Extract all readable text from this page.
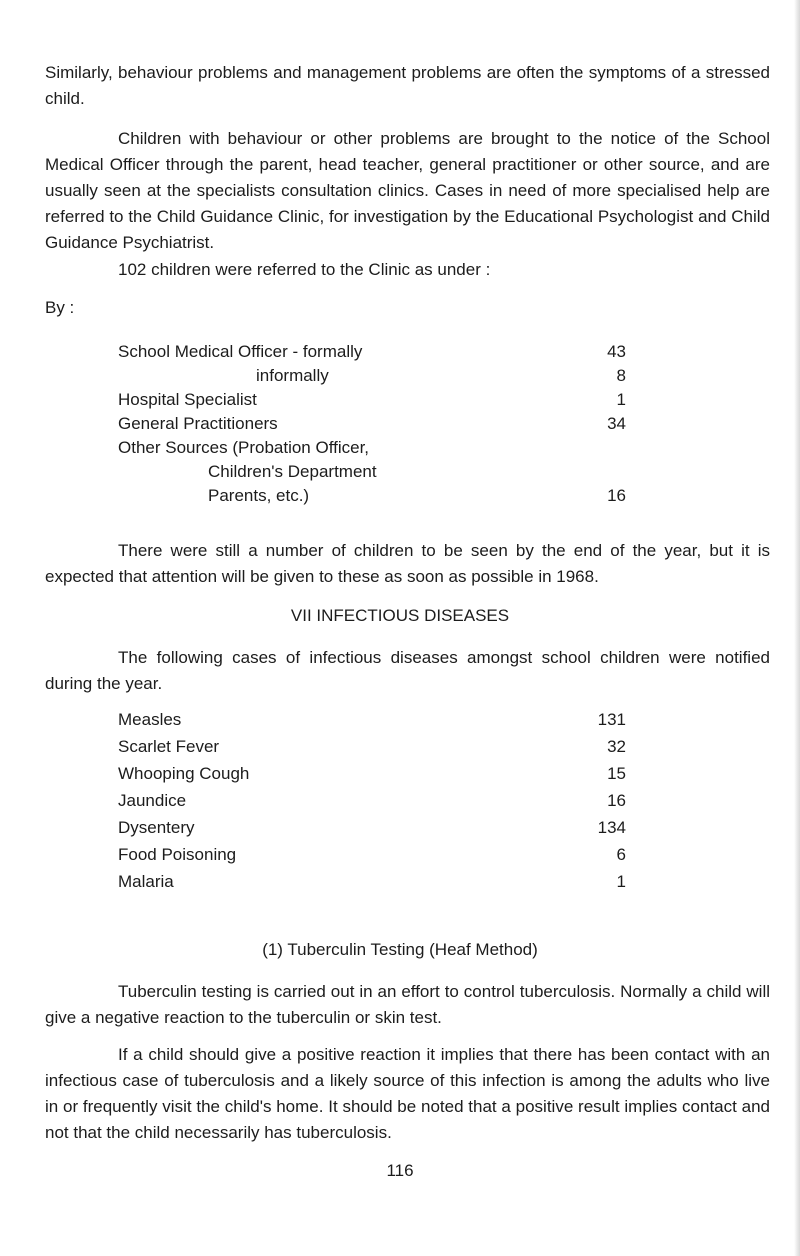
Similarly, behaviour problems and management problems are often the symptoms of a stressed child.

Children with behaviour or other problems are brought to the notice of the School Medical Officer through the parent, head teacher, general practitioner or other source, and are usually seen at the specialists consultation clinics. Cases in need of more specialised help are referred to the Child Guidance Clinic, for investigation by the Educational Psychologist and Child Guidance Psychiatrist.

102 children were referred to the Clinic as under :

By :

School Medical Officer - formally	43
informally	8
Hospital Specialist	1
General Practitioners	34
Other Sources (Probation Officer,
Children's Department
Parents, etc.)	16

There were still a number of children to be seen by the end of the year, but it is expected that attention will be given to these as soon as possible in 1968.

VII INFECTIOUS DISEASES

The following cases of infectious diseases amongst school children were notified during the year.

Measles	131
Scarlet Fever	32
Whooping Cough	15
Jaundice	16
Dysentery	134
Food Poisoning	6
Malaria	1

(1) Tuberculin Testing (Heaf Method)

Tuberculin testing is carried out in an effort to control tuberculosis. Normally a child will give a negative reaction to the tuberculin or skin test.

If a child should give a positive reaction it implies that there has been contact with an infectious case of tuberculosis and a likely source of this infection is among the adults who live in or frequently visit the child's home. It should be noted that a positive result implies contact and not that the child necessarily has tuberculosis.

116
